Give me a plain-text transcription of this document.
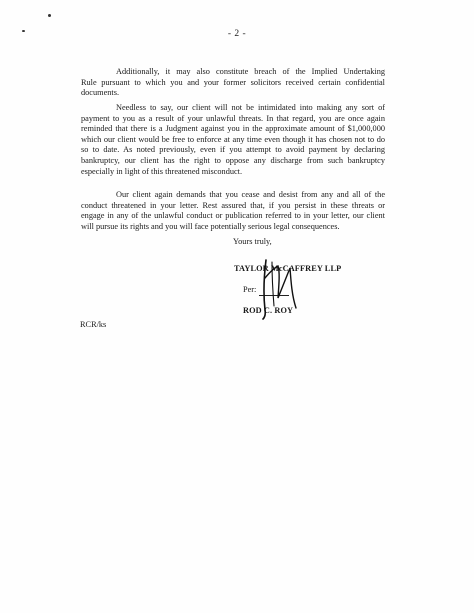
- 2 -

Additionally, it may also constitute breach of the Implied Undertaking
Rule pursuant to which you and your former solicitors received certain confidential
documents.

Needless to say, our client will not be intimidated into making any sort of
payment to you as a result of your unlawful threats. In that regard, you are once again
reminded that there is a Judgment against you in the approximate amount of $1,000,000
which our client would be free to enforce at any time even though it has chosen not to do
so to date. As noted previously, even if you attempt to avoid payment by declaring
bankruptcy, our client has the right to oppose any discharge from such bankruptcy
especially in light of this threatened misconduct.

Our client again demands that you cease and desist from any and all of the
conduct threatened in your letter. Rest assured that, if you persist in these threats or
engage in any of the unlawful conduct or publication referred to in your letter, our client
will pursue its rights and you will face potentially serious legal consequences.

Yours truly,
TAYLOR McCAFFREY LLP
Per:
ROD C. ROY
RCR/ks
